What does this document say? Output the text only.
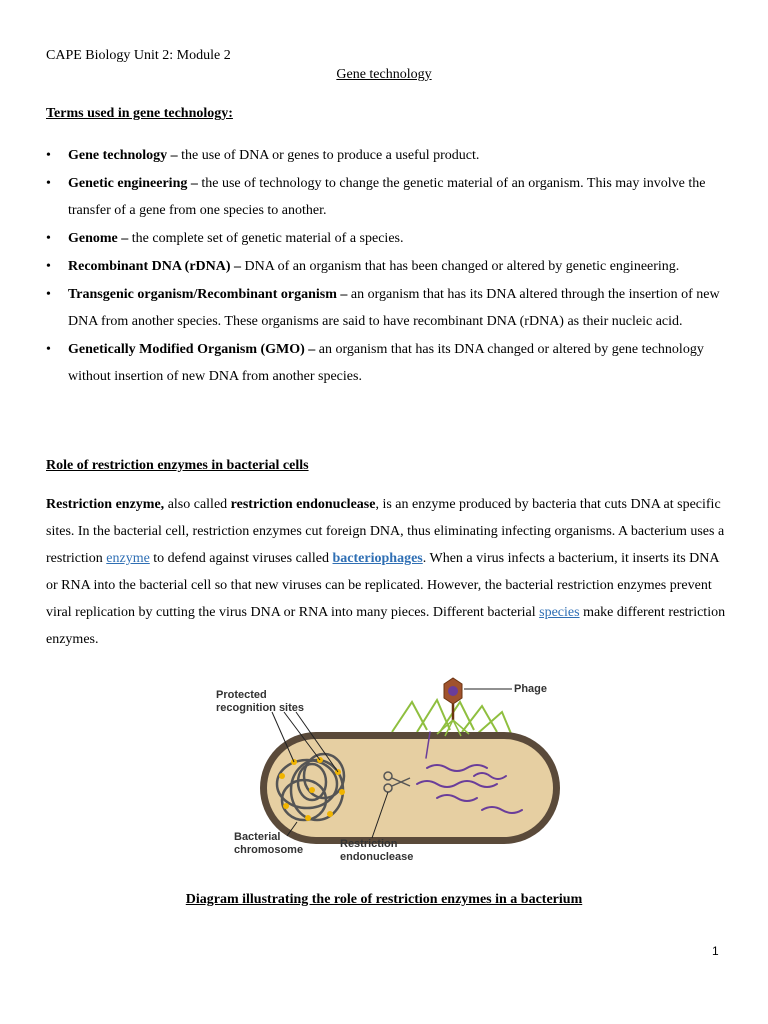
CAPE Biology Unit 2: Module 2

Gene technology

Terms used in gene technology:

• Gene technology – the use of DNA or genes to produce a useful product.
• Genetic engineering – the use of technology to change the genetic material of an organism. This may involve the transfer of a gene from one species to another.
• Genome – the complete set of genetic material of a species.
• Recombinant DNA (rDNA) – DNA of an organism that has been changed or altered by genetic engineering.
• Transgenic organism/Recombinant organism – an organism that has its DNA altered through the insertion of new DNA from another species. These organisms are said to have recombinant DNA (rDNA) as their nucleic acid.
• Genetically Modified Organism (GMO) – an organism that has its DNA changed or altered by gene technology without insertion of new DNA from another species.

Role of restriction enzymes in bacterial cells

Restriction enzyme, also called restriction endonuclease, is an enzyme produced by bacteria that cuts DNA at specific sites. In the bacterial cell, restriction enzymes cut foreign DNA, thus eliminating infecting organisms. A bacterium uses a restriction enzyme to defend against viruses called bacteriophages. When a virus infects a bacterium, it inserts its DNA or RNA into the bacterial cell so that new viruses can be replicated. However, the bacterial restriction enzymes prevent viral replication by cutting the virus DNA or RNA into many pieces. Different bacterial species make different restriction enzymes.

Protected
recognition sites
Phage
Bacterial
chromosome	Restriction
endonuclease

Diagram illustrating the role of restriction enzymes in a bacterium

1
